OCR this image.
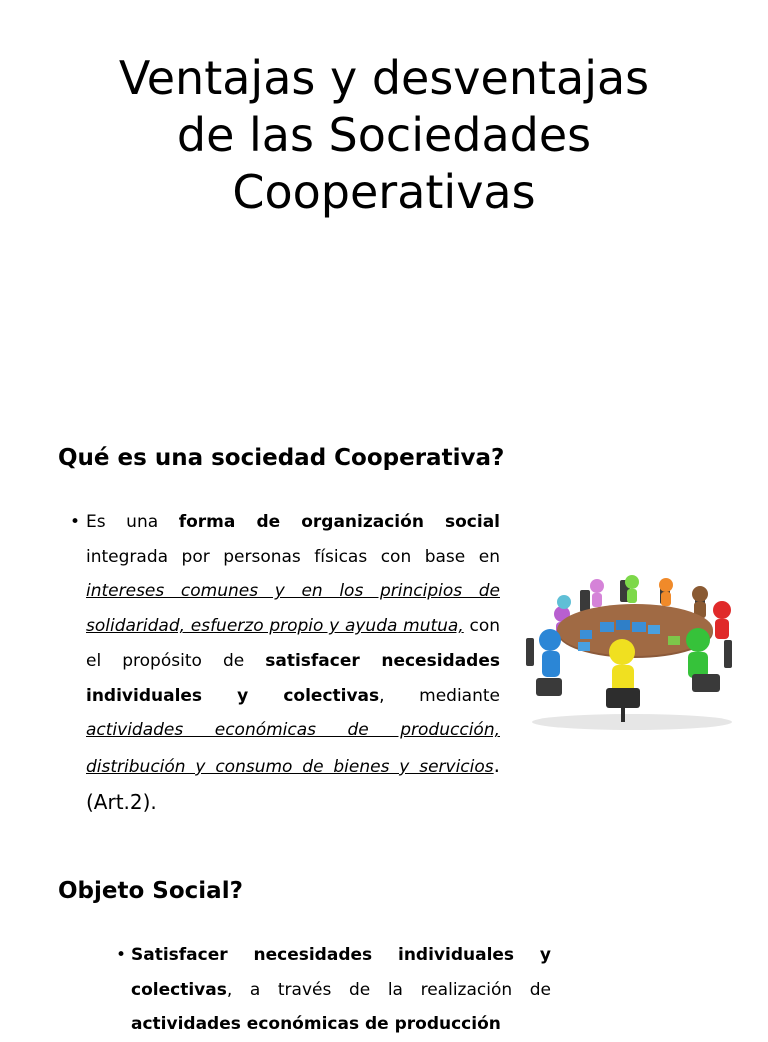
Ventajas y desventajas
de las Sociedades
Cooperativas
Qué es una sociedad Cooperativa?
• Es una forma de organización social integrada por personas físicas con base en intereses comunes y en los principios de solidaridad, esfuerzo propio y ayuda mutua, con el propósito de satisfacer necesidades individuales y colectivas, mediante actividades económicas de producción, distribución y consumo de bienes y servicios. (Art.2).
Objeto Social?
• Satisfacer necesidades individuales y colectivas, a través de la realización de actividades económicas de producción
